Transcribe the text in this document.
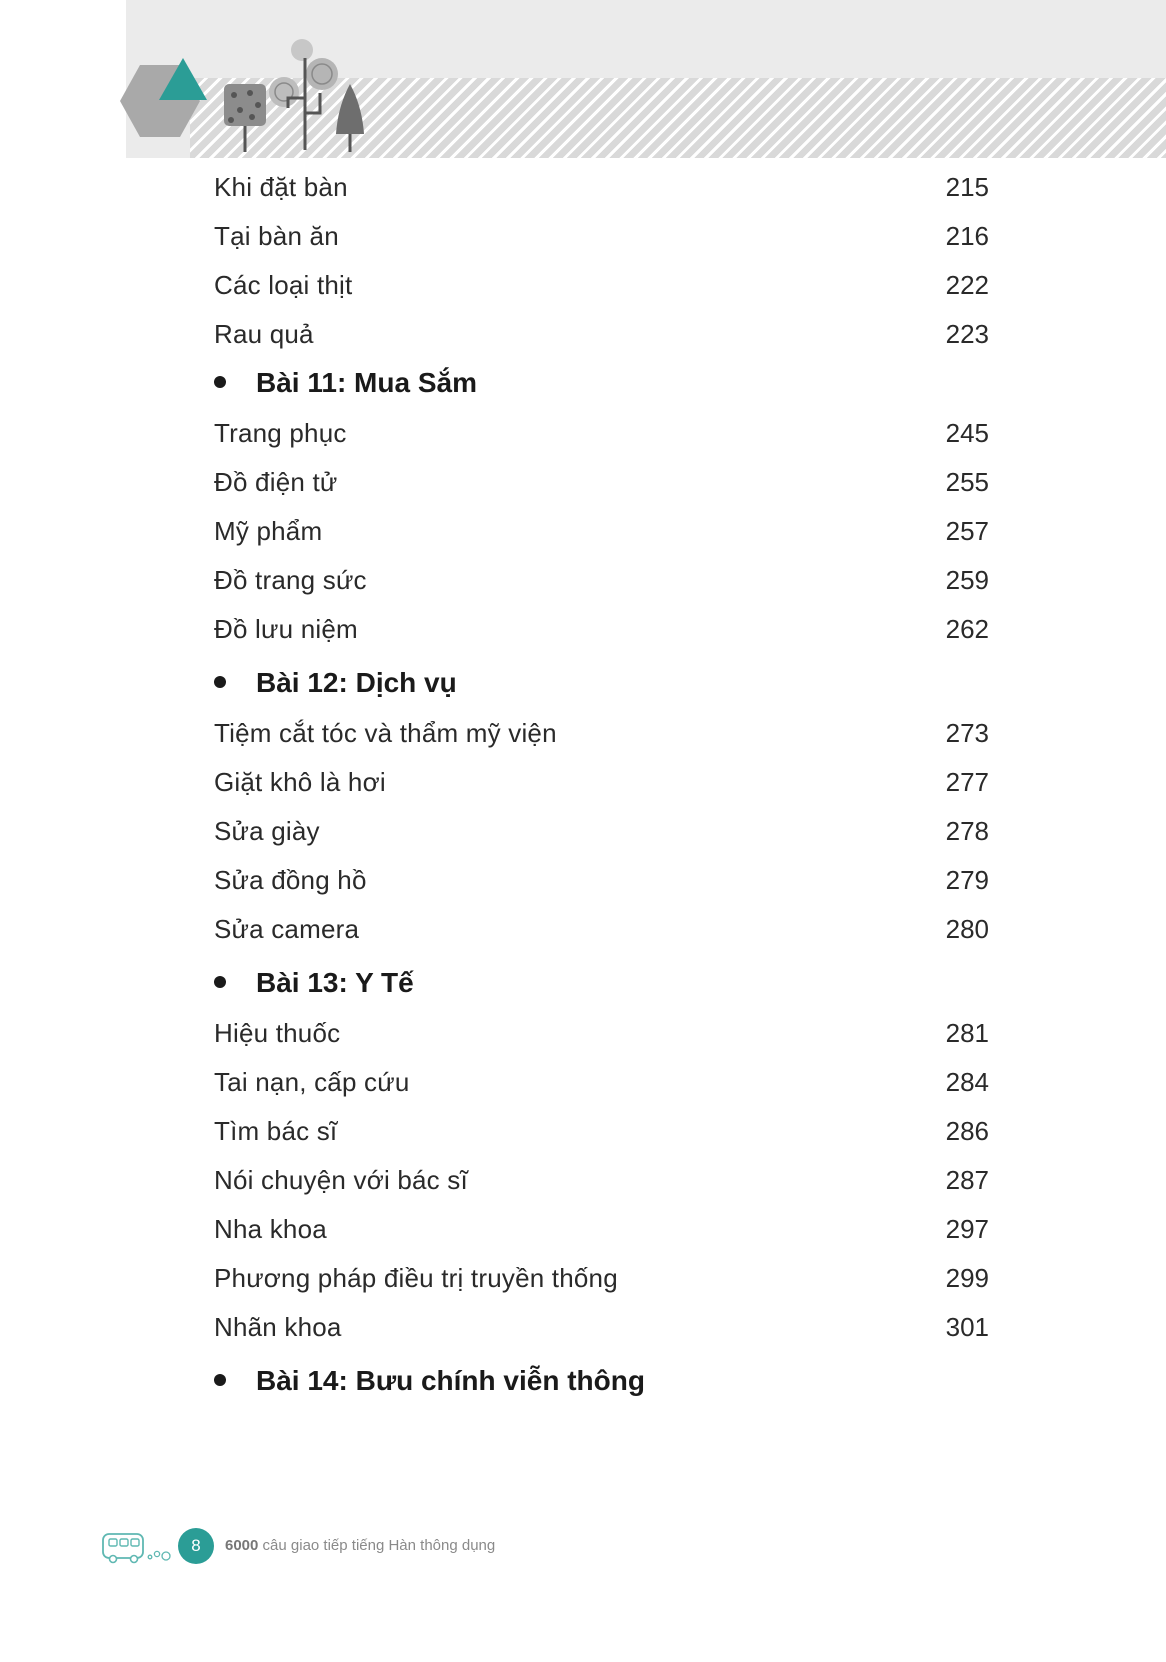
Khi đặt bàn	215
Tại bàn ăn	216
Các loại thịt	222
Rau quả	223
Bài 11: Mua Sắm
Trang phục	245
Đồ điện tử	255
Mỹ phẩm	257
Đồ trang sức	259
Đồ lưu niệm	262
Bài 12: Dịch vụ
Tiệm cắt tóc và thẩm mỹ viện	273
Giặt khô là hơi	277
Sửa giày	278
Sửa đồng hồ	279
Sửa camera	280
Bài 13: Y Tế
Hiệu thuốc	281
Tai nạn, cấp cứu	284
Tìm bác sĩ	286
Nói chuyện với bác sĩ	287
Nha khoa	297
Phương pháp điều trị truyền thống	299
Nhãn khoa	301
Bài 14: Bưu chính viễn thông
8	6000 câu giao tiếp tiếng Hàn thông dụng
